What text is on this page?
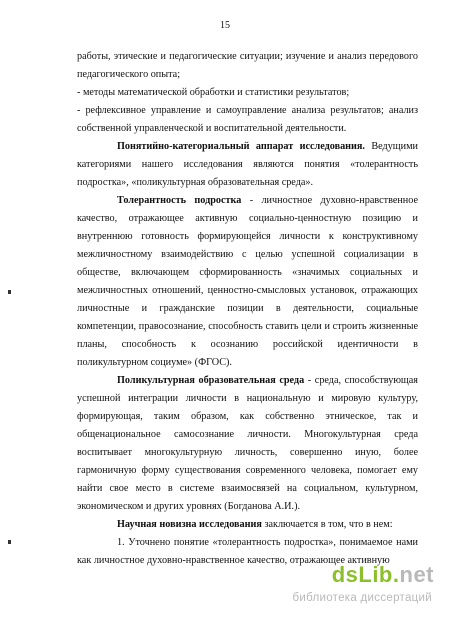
15

работы, этические и педагогические ситуации; изучение и анализ передового педагогического опыта;

- методы математической обработки и статистики результатов;

- рефлексивное управление и самоуправление анализа результатов; анализ собственной управленческой и воспитательной деятельности.

Понятийно-категориальный аппарат исследования. Ведущими категориями нашего исследования являются понятия «толерантность подростка», «поликультурная образовательная среда».

Толерантность подростка - личностное духовно-нравственное качество, отражающее активную социально-ценностную позицию и внутреннюю готовность формирующейся личности к конструктивному межличностному взаимодействию с целью успешной социализации в обществе, включающем сформированность «значимых социальных и межличностных отношений, ценностно-смысловых установок, отражающих личностные и гражданские позиции в деятельности, социальные компетенции, правосознание, способность ставить цели и строить жизненные планы, способность к осознанию российской идентичности в поликультурном социуме» (ФГОС).

Поликультурная образовательная среда - среда, способствующая успешной интеграции личности в национальную и мировую культуру, формирующая, таким образом, как собственно этническое, так и общенациональное самосознание личности. Многокультурная среда воспитывает многокультурную личность, совершенно иную, более гармоничную форму существования современного человека, помогает ему найти свое место в системе взаимосвязей на социальном, культурном, экономическом и других уровнях (Богданова А.И.).

Научная новизна исследования заключается в том, что в нем:

1. Уточнено понятие «толерантность подростка», понимаемое нами как личностное духовно-нравственное качество, отражающее активную

dsLib.net
библиотека диссертаций
